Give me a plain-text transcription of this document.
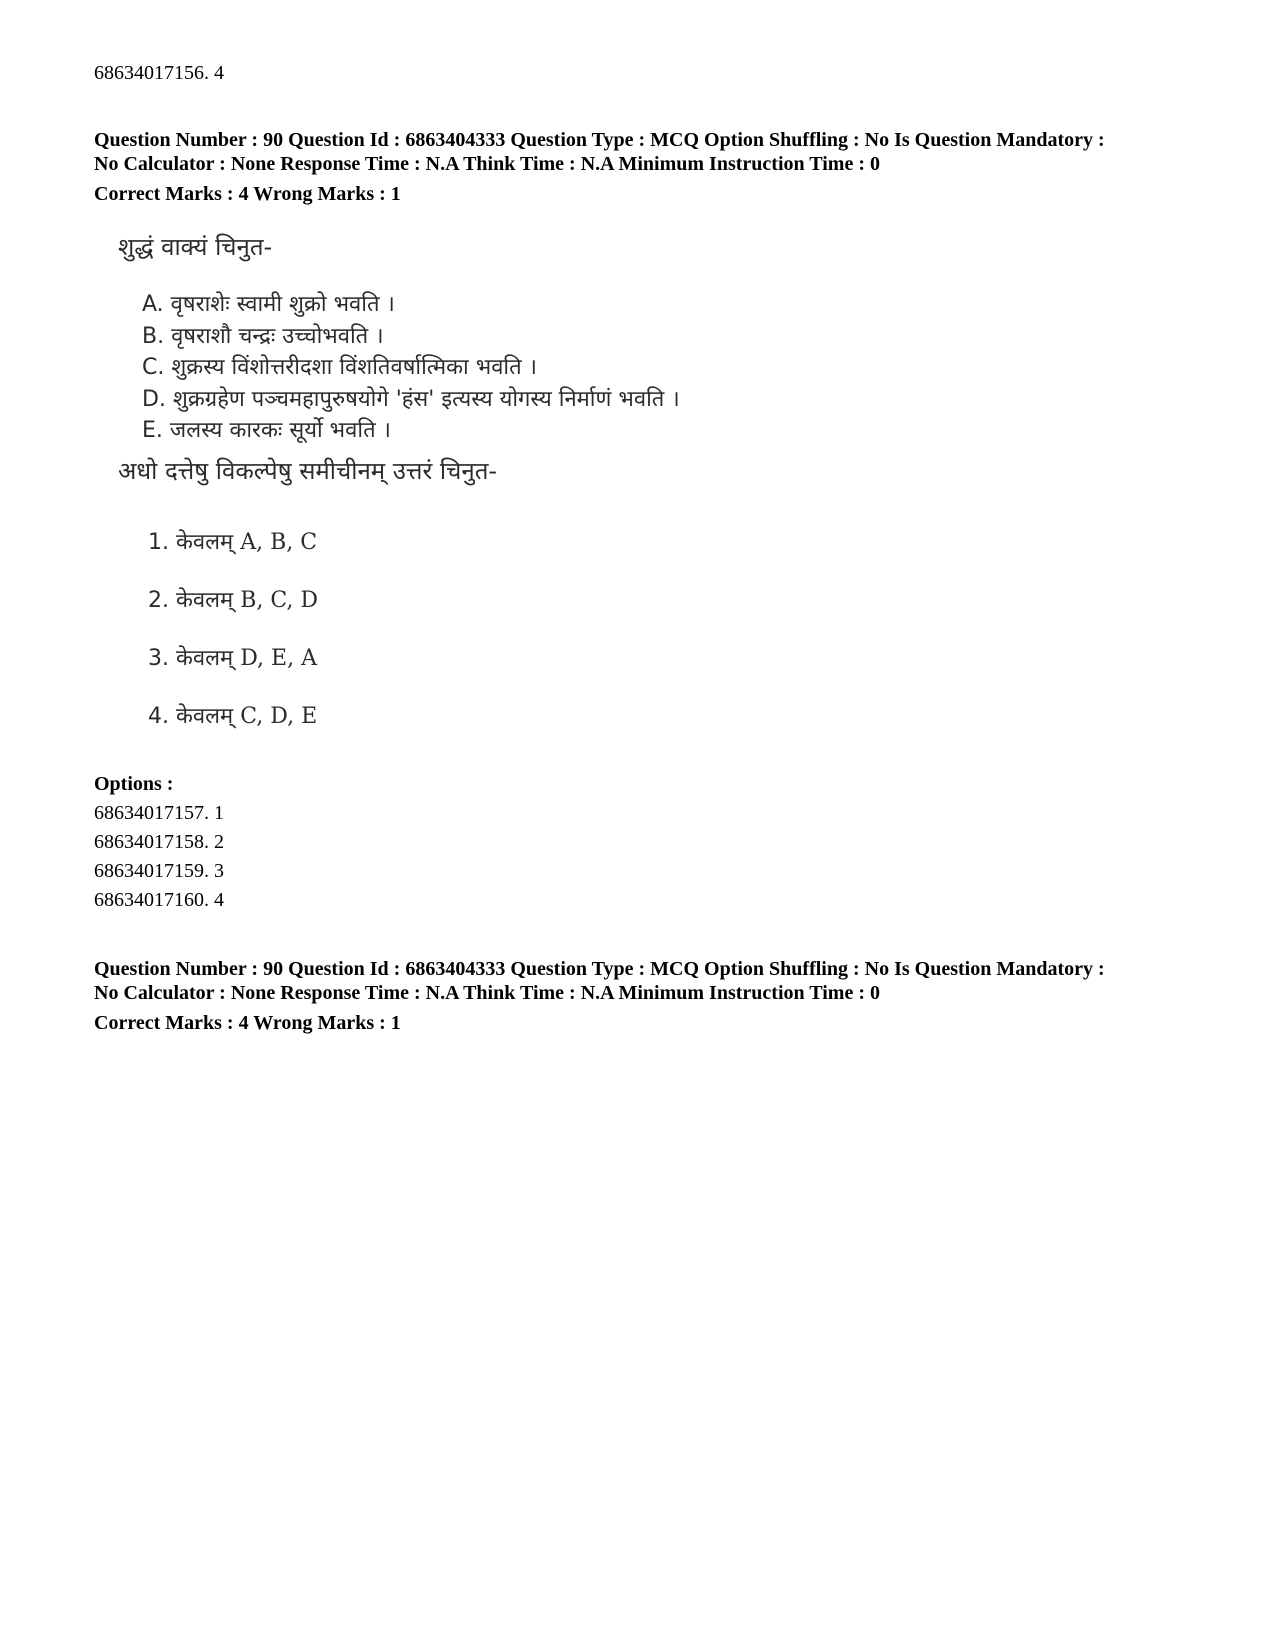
68634017156. 4
Question Number : 90 Question Id : 6863404333 Question Type : MCQ Option Shuffling : No Is Question Mandatory :
No Calculator : None Response Time : N.A Think Time : N.A Minimum Instruction Time : 0
Correct Marks : 4 Wrong Marks : 1
शुद्धं वाक्यं चिनुत-
A. वृषराशेः स्वामी शुक्रो भवति ।
B. वृषराशौ चन्द्रः उच्चोभवति ।
C. शुक्रस्य विंशोत्तरीदशा विंशतिवर्षात्मिका भवति ।
D. शुक्रग्रहेण पञ्चमहापुरुषयोगे 'हंस' इत्यस्य योगस्य निर्माणं भवति ।
E. जलस्य कारकः सूर्यो भवति ।
अधो दत्तेषु विकल्पेषु समीचीनम् उत्तरं चिनुत-
1. केवलम् A, B, C
2. केवलम् B, C, D
3. केवलम् D, E, A
4. केवलम् C, D, E
Options :
68634017157. 1
68634017158. 2
68634017159. 3
68634017160. 4
Question Number : 90 Question Id : 6863404333 Question Type : MCQ Option Shuffling : No Is Question Mandatory :
No Calculator : None Response Time : N.A Think Time : N.A Minimum Instruction Time : 0
Correct Marks : 4 Wrong Marks : 1
